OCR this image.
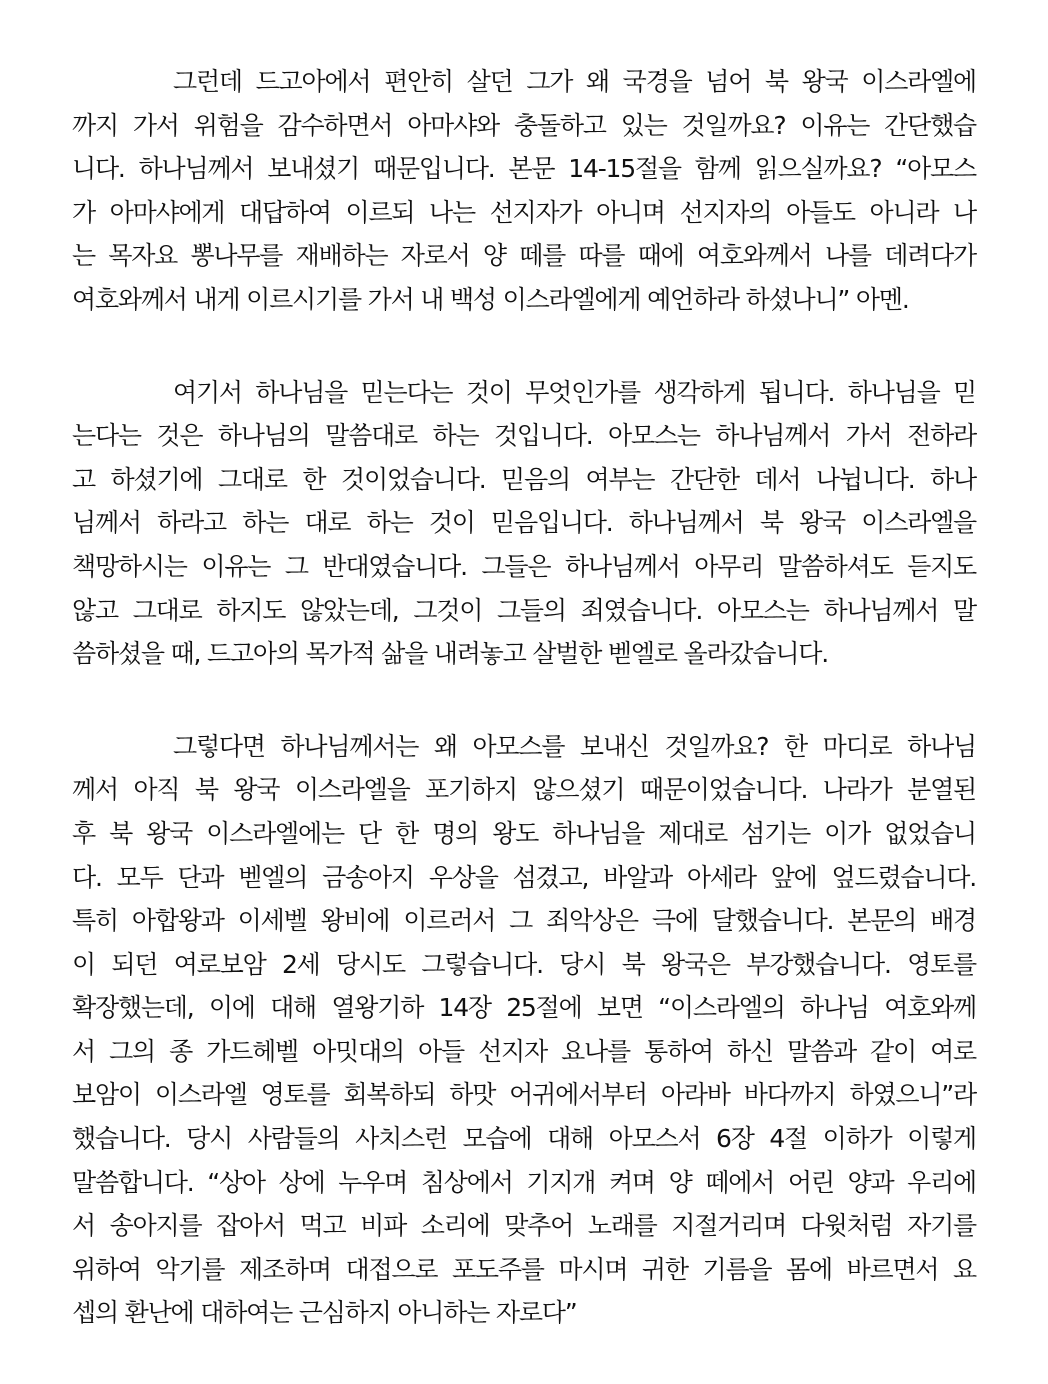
그런데 드고아에서 편안히 살던 그가 왜 국경을 넘어 북 왕국 이스라엘에
까지 가서 위험을 감수하면서 아마샤와 충돌하고 있는 것일까요? 이유는 간단했습
니다. 하나님께서 보내셨기 때문입니다. 본문 14-15절을 함께 읽으실까요? “아모스
가 아마샤에게 대답하여 이르되 나는 선지자가 아니며 선지자의 아들도 아니라 나
는 목자요 뽕나무를 재배하는 자로서 양 떼를 따를 때에 여호와께서 나를 데려다가
여호와께서 내게 이르시기를 가서 내 백성 이스라엘에게 예언하라 하셨나니” 아멘.
여기서 하나님을 믿는다는 것이 무엇인가를 생각하게 됩니다. 하나님을 믿
는다는 것은 하나님의 말씀대로 하는 것입니다. 아모스는 하나님께서 가서 전하라
고 하셨기에 그대로 한 것이었습니다. 믿음의 여부는 간단한 데서 나뉩니다. 하나
님께서 하라고 하는 대로 하는 것이 믿음입니다. 하나님께서 북 왕국 이스라엘을
책망하시는 이유는 그 반대였습니다. 그들은 하나님께서 아무리 말씀하셔도 듣지도
않고 그대로 하지도 않았는데, 그것이 그들의 죄였습니다. 아모스는 하나님께서 말
씀하셨을 때, 드고아의 목가적 삶을 내려놓고 살벌한 벧엘로 올라갔습니다.
그렇다면 하나님께서는 왜 아모스를 보내신 것일까요? 한 마디로 하나님
께서 아직 북 왕국 이스라엘을 포기하지 않으셨기 때문이었습니다. 나라가 분열된
후 북 왕국 이스라엘에는 단 한 명의 왕도 하나님을 제대로 섬기는 이가 없었습니
다. 모두 단과 벧엘의 금송아지 우상을 섬겼고, 바알과 아세라 앞에 엎드렸습니다.
특히 아합왕과 이세벨 왕비에 이르러서 그 죄악상은 극에 달했습니다. 본문의 배경
이 되던 여로보암 2세 당시도 그렇습니다. 당시 북 왕국은 부강했습니다. 영토를
확장했는데, 이에 대해 열왕기하 14장 25절에 보면 “이스라엘의 하나님 여호와께
서 그의 종 가드헤벨 아밋대의 아들 선지자 요나를 통하여 하신 말씀과 같이 여로
보암이 이스라엘 영토를 회복하되 하맛 어귀에서부터 아라바 바다까지 하였으니”라
했습니다. 당시 사람들의 사치스런 모습에 대해 아모스서 6장 4절 이하가 이렇게
말씀합니다. “상아 상에 누우며 침상에서 기지개 켜며 양 떼에서 어린 양과 우리에
서 송아지를 잡아서 먹고 비파 소리에 맞추어 노래를 지절거리며 다윗처럼 자기를
위하여 악기를 제조하며 대접으로 포도주를 마시며 귀한 기름을 몸에 바르면서 요
셉의 환난에 대하여는 근심하지 아니하는 자로다”
